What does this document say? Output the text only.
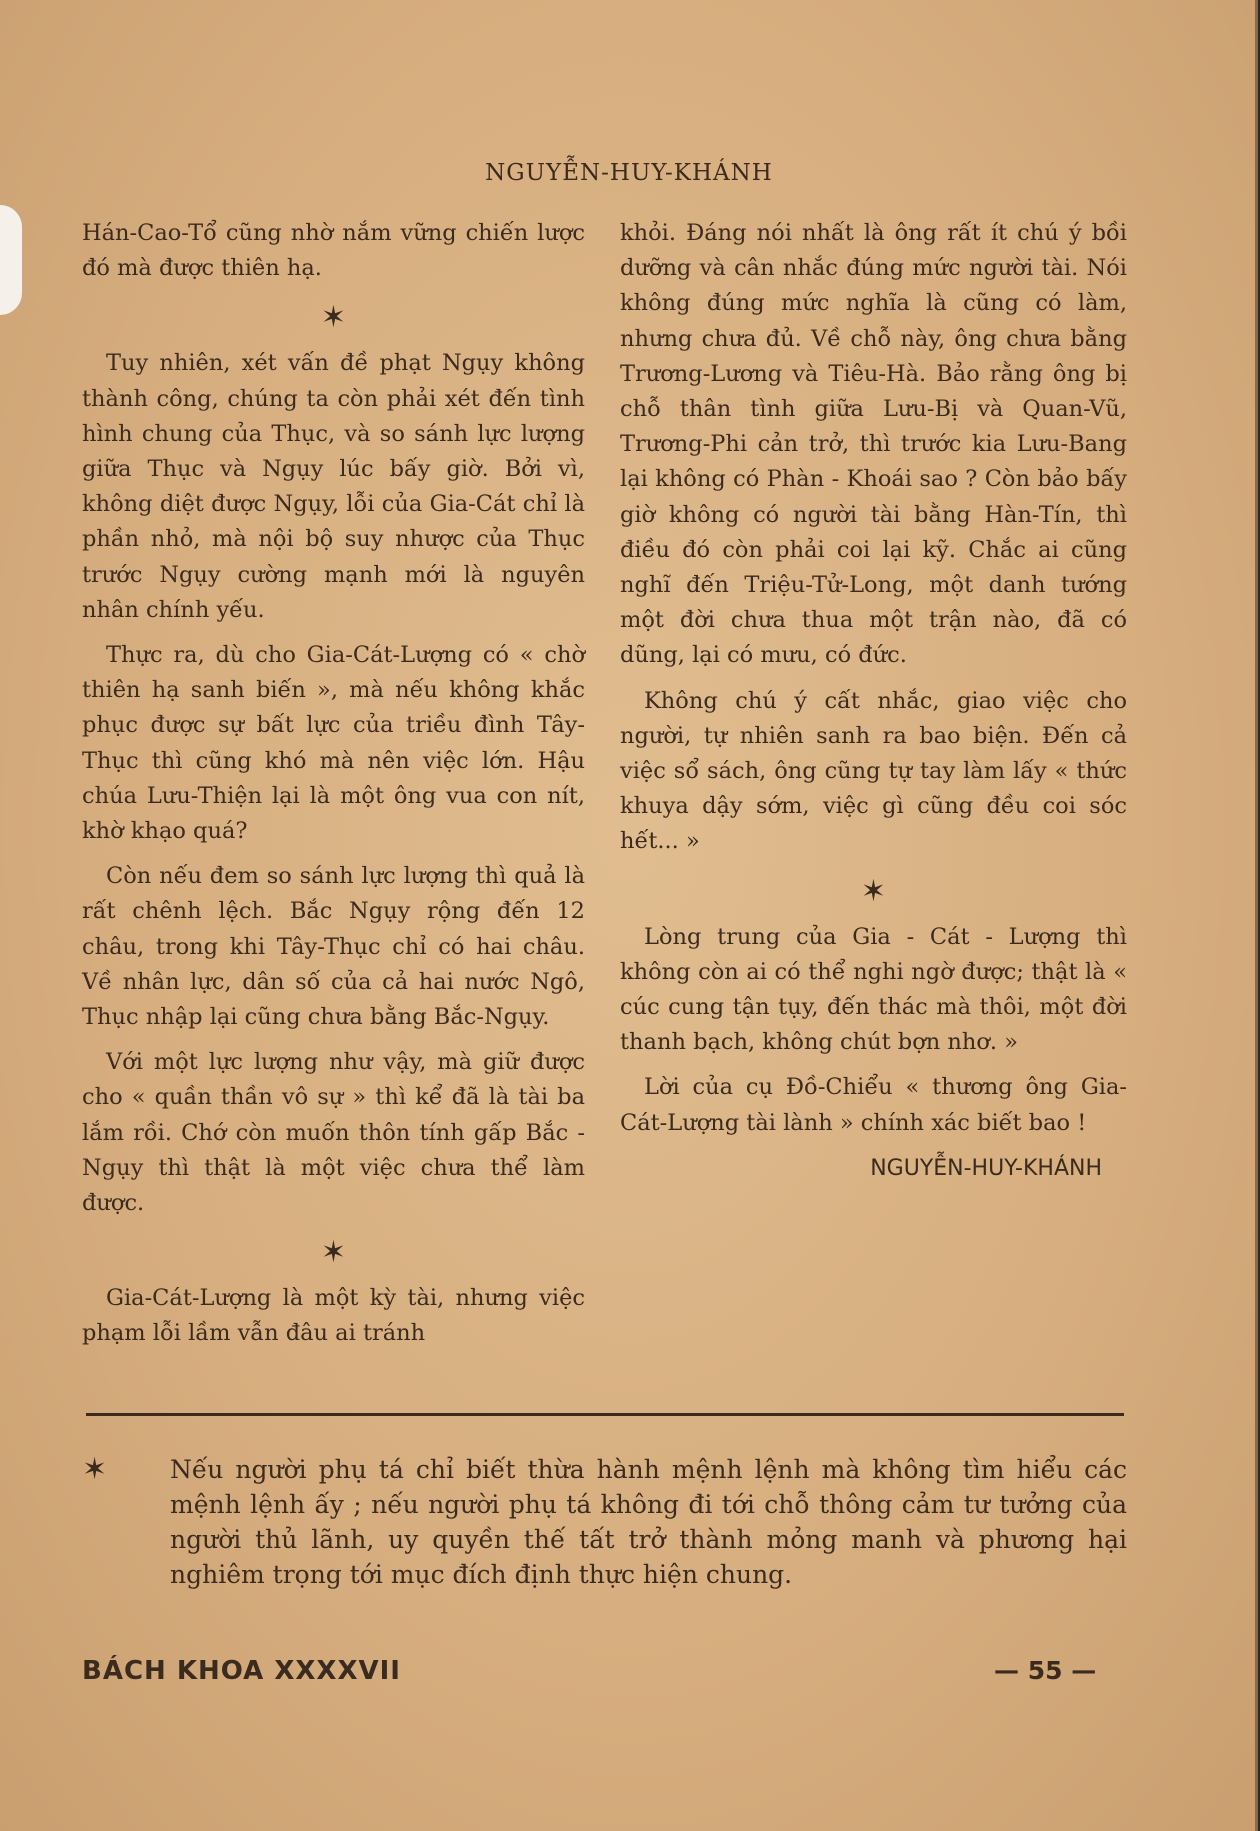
NGUYỄN-HUY-KHÁNH

Hán-Cao-Tổ cũng nhờ nắm vững chiến lược đó mà được thiên hạ.

✶

Tuy nhiên, xét vấn đề phạt Ngụy không thành công, chúng ta còn phải xét đến tình hình chung của Thục, và so sánh lực lượng giữa Thục và Ngụy lúc bấy giờ. Bởi vì, không diệt được Ngụy, lỗi của Gia-Cát chỉ là phần nhỏ, mà nội bộ suy nhược của Thục trước Ngụy cường mạnh mới là nguyên nhân chính yếu.

Thực ra, dù cho Gia-Cát-Lượng có « chờ thiên hạ sanh biến », mà nếu không khắc phục được sự bất lực của triều đình Tây-Thục thì cũng khó mà nên việc lớn. Hậu chúa Lưu-Thiện lại là một ông vua con nít, khờ khạo quá?

Còn nếu đem so sánh lực lượng thì quả là rất chênh lệch. Bắc Ngụy rộng đến 12 châu, trong khi Tây-Thục chỉ có hai châu. Về nhân lực, dân số của cả hai nước Ngô, Thục nhập lại cũng chưa bằng Bắc-Ngụy.

Với một lực lượng như vậy, mà giữ được cho « quần thần vô sự » thì kể đã là tài ba lắm rồi. Chớ còn muốn thôn tính gấp Bắc - Ngụy thì thật là một việc chưa thể làm được.

✶

Gia-Cát-Lượng là một kỳ tài, nhưng việc phạm lỗi lầm vẫn đâu ai tránh

khỏi. Đáng nói nhất là ông rất ít chú ý bồi dưỡng và cân nhắc đúng mức người tài. Nói không đúng mức nghĩa là cũng có làm, nhưng chưa đủ. Về chỗ này, ông chưa bằng Trương-Lương và Tiêu-Hà. Bảo rằng ông bị chỗ thân tình giữa Lưu-Bị và Quan-Vũ, Trương-Phi cản trở, thì trước kia Lưu-Bang lại không có Phàn - Khoái sao ? Còn bảo bấy giờ không có người tài bằng Hàn-Tín, thì điều đó còn phải coi lại kỹ. Chắc ai cũng nghĩ đến Triệu-Tử-Long, một danh tướng một đời chưa thua một trận nào, đã có dũng, lại có mưu, có đức.

Không chú ý cất nhắc, giao việc cho người, tự nhiên sanh ra bao biện. Đến cả việc sổ sách, ông cũng tự tay làm lấy « thức khuya dậy sớm, việc gì cũng đều coi sóc hết... »

✶

Lòng trung của Gia - Cát - Lượng thì không còn ai có thể nghi ngờ được; thật là « cúc cung tận tụy, đến thác mà thôi, một đời thanh bạch, không chút bợn nhơ. »

Lời của cụ Đồ-Chiểu « thương ông Gia-Cát-Lượng tài lành » chính xác biết bao !

NGUYỄN-HUY-KHÁNH
✶	Nếu người phụ tá chỉ biết thừa hành mệnh lệnh mà không tìm hiểu các mệnh lệnh ấy ; nếu người phụ tá không đi tới chỗ thông cảm tư tưởng của người thủ lãnh, uy quyền thế tất trở thành mỏng manh và phương hại nghiêm trọng tới mục đích định thực hiện chung.
BÁCH KHOA XXXXVII	— 55 —
